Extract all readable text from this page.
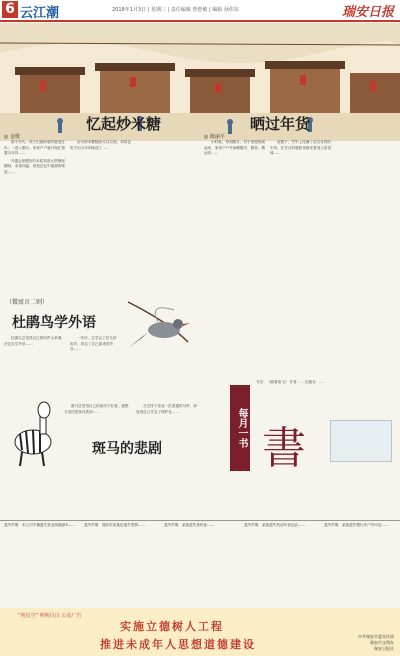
6 云江潮	2018年1月3日 | 星期三 | 责任编辑 曾舒敏 | 编辑 孙伟东	瑞安日报
忆起炒米糖	晒过年货
◎ 金歌	◎ 陈丽平

那个年代，孩子们最盼望的就是过年。一进入腊月，家家户户就开始忙着置办年货……

外婆会把晒好的米粒放进大铁锅里翻炒，米香四溢，那是记忆中最甜的味道……

如今炒米糖随处可以买到，却再也吃不出当年的味道了……

小时候，每到腊月，村子里便热闹起来，家家户户开始晒腊肉、腊鱼、酱油肉……

屋檐下、竹竿上挂满了各式各样的年货，在冬日的暖阳里散发着诱人的香味……

（微寓言二则）
杜鹃鸟学外语

杜鹃鸟总觉得自己的叫声太单调，决定去学外语……

一年后，它学会了好几种叫声，却忘了自己原来的声音……

斑马的悲剧

斑马总觉得自己的条纹不好看，便想方设法把条纹洗掉……

当它终于变成一匹普通的马时，却发现自己失去了保护色……	每月一书 書
书名：《朝着南飞》 作者：… 出版社：…
遗失声明：本公司不慎遗失营业执照副本……	遗失声明：瑞安市某某店遗失发票……	遗失声明：某某遗失身份证……	遗失声明：某某遗失机动车登记证……	遗失声明：某某遗失银行开户许可证……
“明星空” 明明白白 公益广告
实施立德树人工程
推进未成年人思想道德建设
中共瑞安市委宣传部
瑞安市文明办
瑞安日报社
